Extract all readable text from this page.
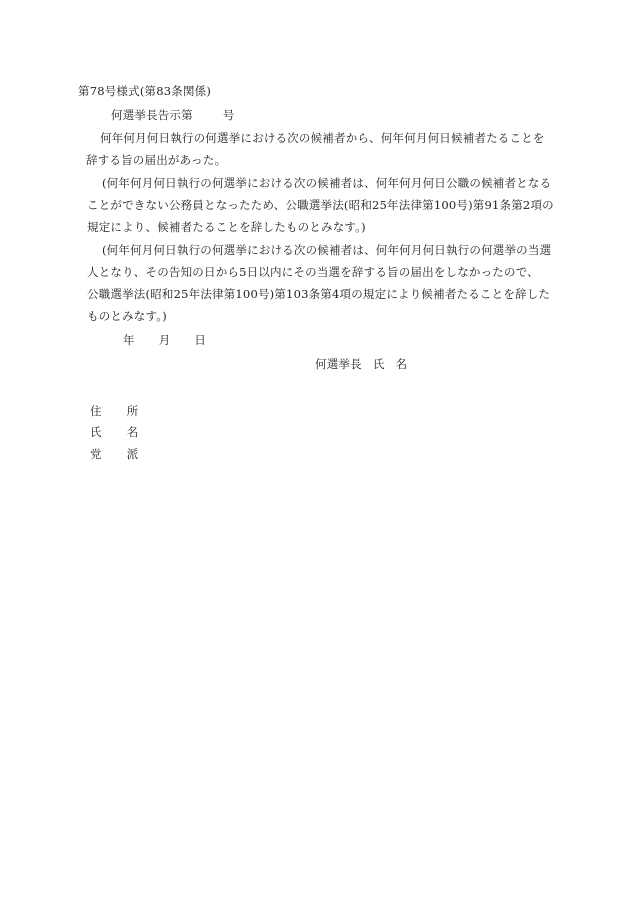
第78号様式(第83条関係)
何選挙長告示第	号
何年何月何日執行の何選挙における次の候補者から、何年何月何日候補者たることを
辞する旨の届出があった。
(何年何月何日執行の何選挙における次の候補者は、何年何月何日公職の候補者となる
ことができない公務員となったため、公職選挙法(昭和25年法律第100号)第91条第2項の
規定により、候補者たることを辞したものとみなす。)
(何年何月何日執行の何選挙における次の候補者は、何年何月何日執行の何選挙の当選
人となり、その告知の日から5日以内にその当選を辞する旨の届出をしなかったので、
公職選挙法(昭和25年法律第100号)第103条第4項の規定により候補者たることを辞した
ものとみなす。)
年 月 日
何選挙長 氏 名
住 所
氏 名
党 派
